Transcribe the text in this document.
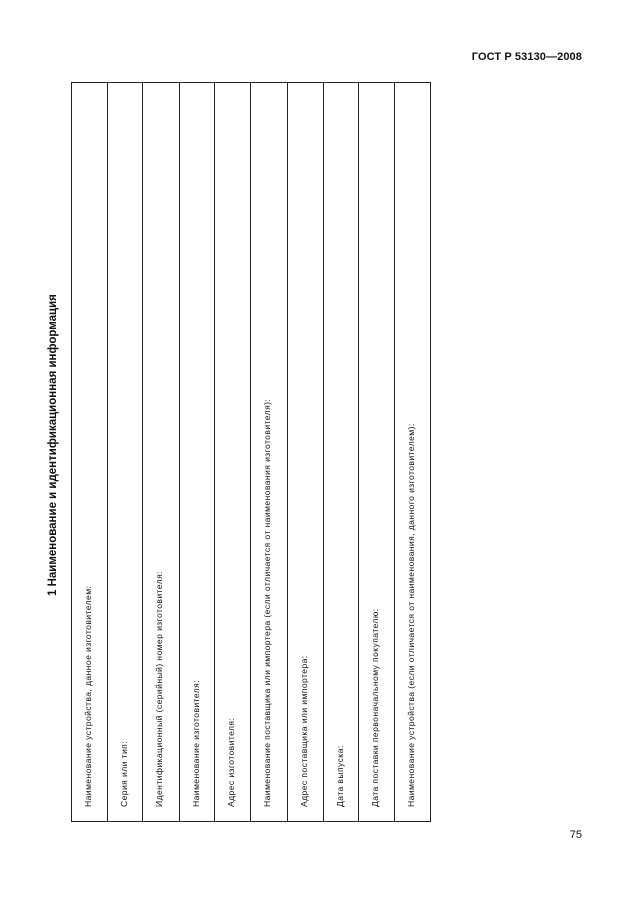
ГОСТ Р 53130—2008
1 Наименование и идентификационная информация
Наименование устройства, данное изготовителем:	Серия или тип:	Идентификационный (серийный) номер изготовителя:	Наименование изготовителя:	Адрес изготовителя:	Наименование поставщика или импортера (если отличается от наименования изготовителя):	Адрес поставщика или импортера:	Дата выпуска:	Дата поставки первоначальному покупателю:	Наименование устройства (если отличается от наименования, данного изготовителем):
75
